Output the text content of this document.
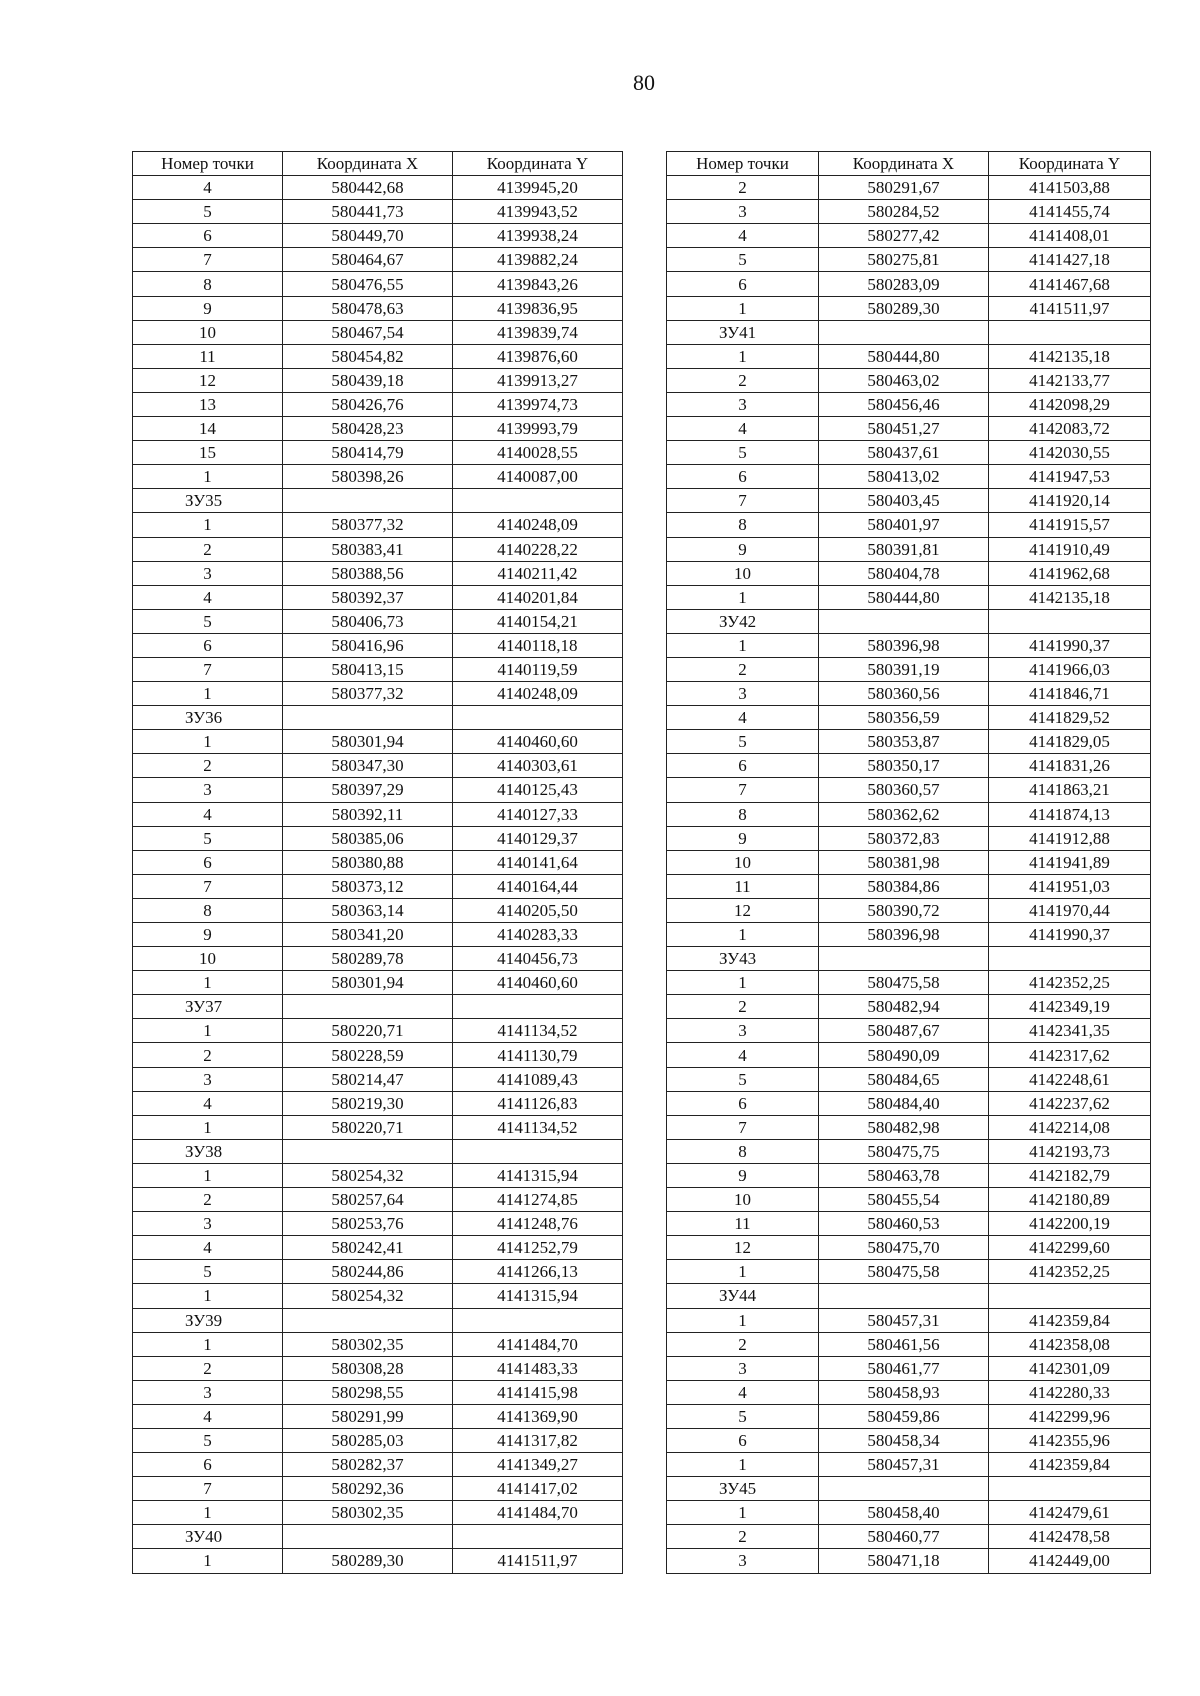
80
Номер точки	Координата X	Координата Y
4	580442,68	4139945,20
5	580441,73	4139943,52
6	580449,70	4139938,24
7	580464,67	4139882,24
8	580476,55	4139843,26
9	580478,63	4139836,95
10	580467,54	4139839,74
11	580454,82	4139876,60
12	580439,18	4139913,27
13	580426,76	4139974,73
14	580428,23	4139993,79
15	580414,79	4140028,55
1	580398,26	4140087,00
ЗУ35		
1	580377,32	4140248,09
2	580383,41	4140228,22
3	580388,56	4140211,42
4	580392,37	4140201,84
5	580406,73	4140154,21
6	580416,96	4140118,18
7	580413,15	4140119,59
1	580377,32	4140248,09
ЗУ36		
1	580301,94	4140460,60
2	580347,30	4140303,61
3	580397,29	4140125,43
4	580392,11	4140127,33
5	580385,06	4140129,37
6	580380,88	4140141,64
7	580373,12	4140164,44
8	580363,14	4140205,50
9	580341,20	4140283,33
10	580289,78	4140456,73
1	580301,94	4140460,60
ЗУ37		
1	580220,71	4141134,52
2	580228,59	4141130,79
3	580214,47	4141089,43
4	580219,30	4141126,83
1	580220,71	4141134,52
ЗУ38		
1	580254,32	4141315,94
2	580257,64	4141274,85
3	580253,76	4141248,76
4	580242,41	4141252,79
5	580244,86	4141266,13
1	580254,32	4141315,94
ЗУ39		
1	580302,35	4141484,70
2	580308,28	4141483,33
3	580298,55	4141415,98
4	580291,99	4141369,90
5	580285,03	4141317,82
6	580282,37	4141349,27
7	580292,36	4141417,02
1	580302,35	4141484,70
ЗУ40		
1	580289,30	4141511,97
Номер точки	Координата X	Координата Y
2	580291,67	4141503,88
3	580284,52	4141455,74
4	580277,42	4141408,01
5	580275,81	4141427,18
6	580283,09	4141467,68
1	580289,30	4141511,97
ЗУ41		
1	580444,80	4142135,18
2	580463,02	4142133,77
3	580456,46	4142098,29
4	580451,27	4142083,72
5	580437,61	4142030,55
6	580413,02	4141947,53
7	580403,45	4141920,14
8	580401,97	4141915,57
9	580391,81	4141910,49
10	580404,78	4141962,68
1	580444,80	4142135,18
ЗУ42		
1	580396,98	4141990,37
2	580391,19	4141966,03
3	580360,56	4141846,71
4	580356,59	4141829,52
5	580353,87	4141829,05
6	580350,17	4141831,26
7	580360,57	4141863,21
8	580362,62	4141874,13
9	580372,83	4141912,88
10	580381,98	4141941,89
11	580384,86	4141951,03
12	580390,72	4141970,44
1	580396,98	4141990,37
ЗУ43		
1	580475,58	4142352,25
2	580482,94	4142349,19
3	580487,67	4142341,35
4	580490,09	4142317,62
5	580484,65	4142248,61
6	580484,40	4142237,62
7	580482,98	4142214,08
8	580475,75	4142193,73
9	580463,78	4142182,79
10	580455,54	4142180,89
11	580460,53	4142200,19
12	580475,70	4142299,60
1	580475,58	4142352,25
ЗУ44		
1	580457,31	4142359,84
2	580461,56	4142358,08
3	580461,77	4142301,09
4	580458,93	4142280,33
5	580459,86	4142299,96
6	580458,34	4142355,96
1	580457,31	4142359,84
ЗУ45		
1	580458,40	4142479,61
2	580460,77	4142478,58
3	580471,18	4142449,00
